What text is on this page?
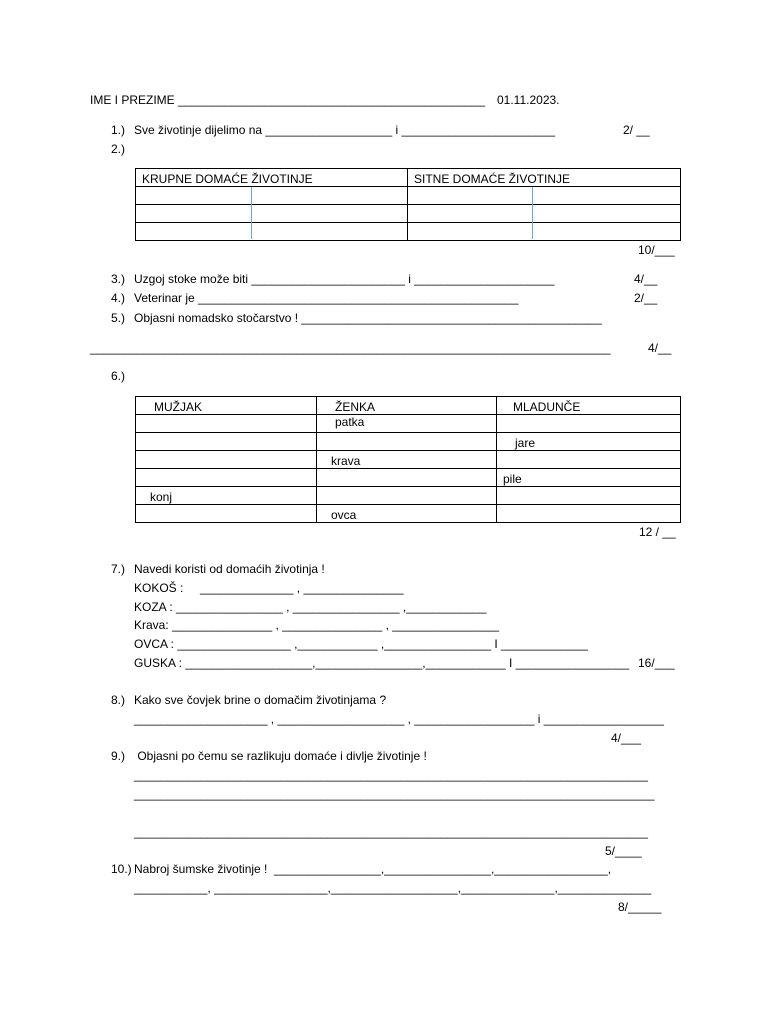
IME I PREZIME ______________________________________________ 01.11.2023.
1.) Sve životinje dijelimo na ___________________ i _______________________	2/ __
2.)
KRUPNE DOMAĆE ŽIVOTINJE	SITNE DOMAĆE ŽIVOTINJE

10/___
3.) Uzgoj stoke može biti _______________________ i _____________________	4/__
4.) Veterinar je ________________________________________________	2/__
5.) Objasni nomadsko stočarstvo ! _____________________________________________
______________________________________________________________________________	4/__
6.)
MUŽJAK	ŽENKA	MLADUNČE
	patka	
		jare
	krava	
		pile
konj		
	ovca	
12 / __
7.) Navedi koristi od domaćih životinja !
KOKOŠ :     ______________ , _______________
KOZA : ________________ , ________________ ,____________
Krava: _______________ , _______________ , ________________
OVCA : _________________ ,____________ ,________________ I _____________
GUSKA : ___________________,________________,____________ I _________________ 16/___
8.) Kako sve čovjek brine o domačim životinjama ?
____________________ , ___________________ , __________________ i __________________
4/___
9.) Objasni po čemu se razlikuju domaće i divlje životinje !
_____________________________________________________________________________
______________________________________________________________________________
_____________________________________________________________________________
5/____
10.) Nabroj šumske životinje !  ________________,________________,_________________,
___________, _________________,___________________,______________,______________
8/_____
